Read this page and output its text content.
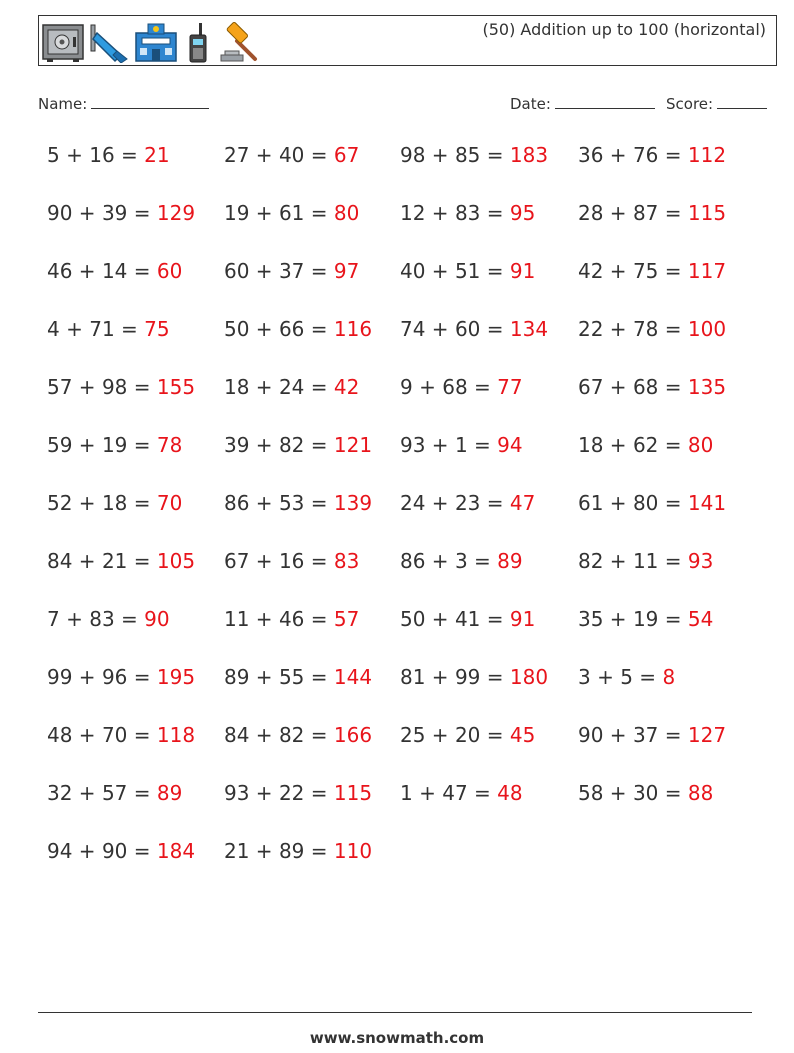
(50) Addition up to 100 (horizontal)
Name:	Date:	Score:
5 + 16 = 21	27 + 40 = 67 98 + 85 = 183 36 + 76 = 112
90 + 39 = 129 19 + 61 = 80 12 + 83 = 95 28 + 87 = 115
46 + 14 = 60 60 + 37 = 97 40 + 51 = 91 42 + 75 = 117
4 + 71 = 75	50 + 66 = 116 74 + 60 = 134 22 + 78 = 100
57 + 98 = 155 18 + 24 = 42 9 + 68 = 77	67 + 68 = 135
59 + 19 = 78 39 + 82 = 121 93 + 1 = 94	18 + 62 = 80
52 + 18 = 70 86 + 53 = 139 24 + 23 = 47 61 + 80 = 141
84 + 21 = 105 67 + 16 = 83 86 + 3 = 89	82 + 11 = 93
7 + 83 = 90	11 + 46 = 57 50 + 41 = 91 35 + 19 = 54
99 + 96 = 195 89 + 55 = 144 81 + 99 = 180 3 + 5 = 8
48 + 70 = 118 84 + 82 = 166 25 + 20 = 45 90 + 37 = 127
32 + 57 = 89 93 + 22 = 115 1 + 47 = 48	58 + 30 = 88
94 + 90 = 184 21 + 89 = 110
www.snowmath.com
